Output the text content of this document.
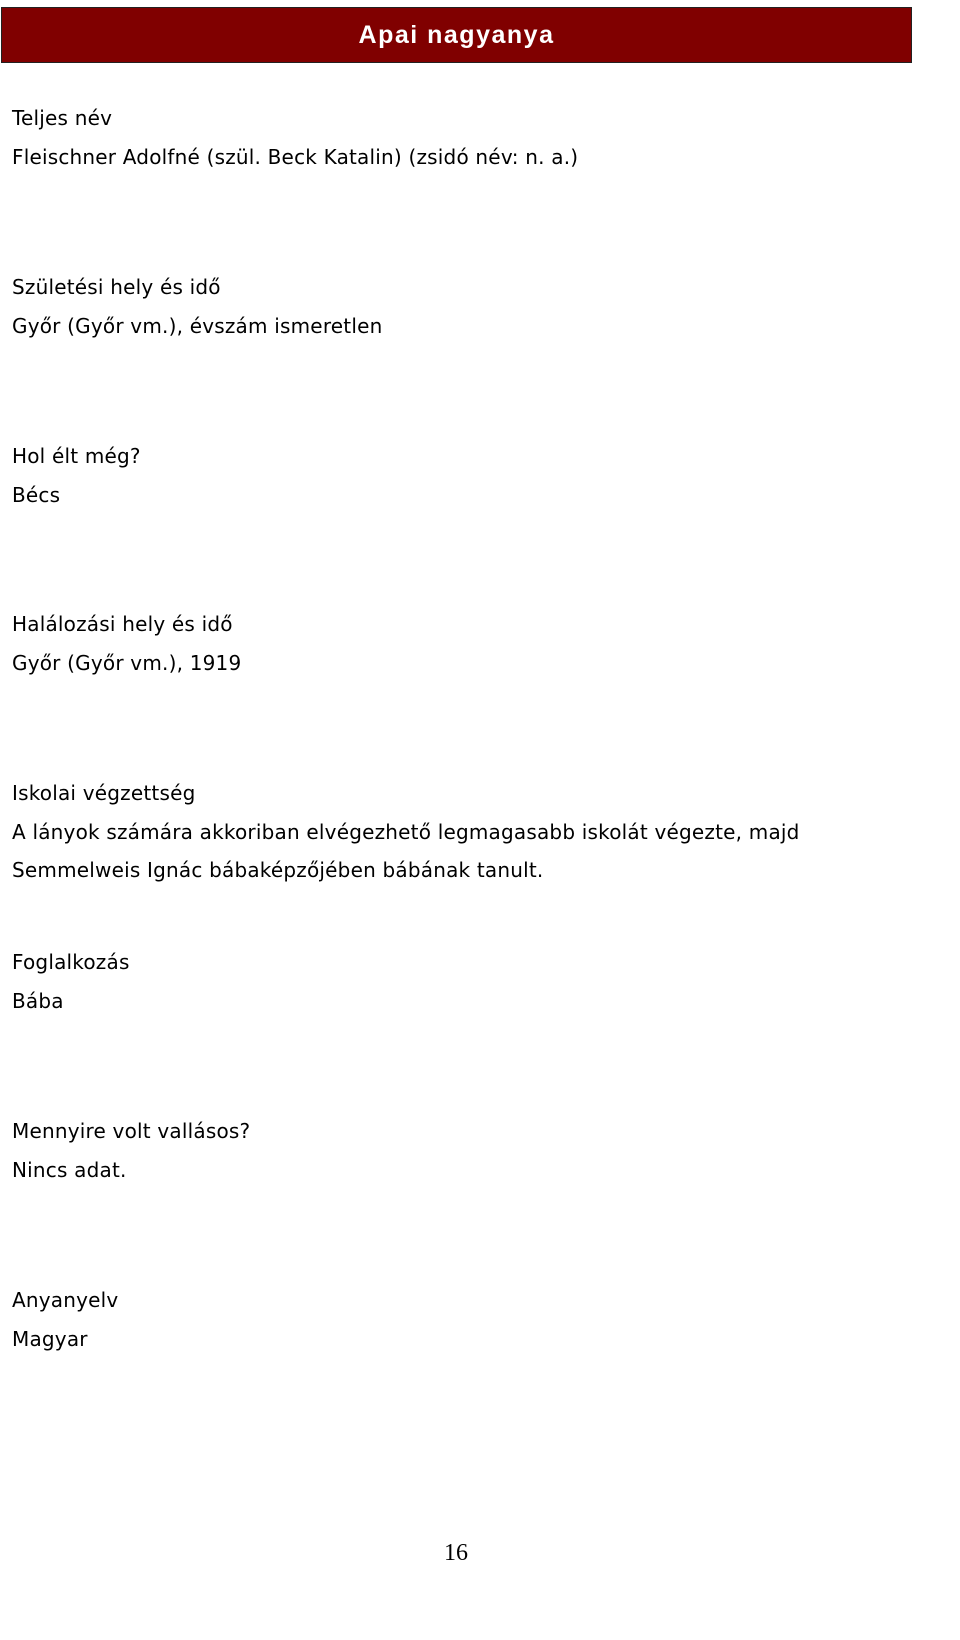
Apai nagyanya
Teljes név
Fleischner Adolfné (szül. Beck Katalin) (zsidó név: n. a.)
Születési hely és idő
Győr (Győr vm.), évszám ismeretlen
Hol élt még?
Bécs
Halálozási hely és idő
Győr (Győr vm.), 1919
Iskolai végzettség
A lányok számára akkoriban elvégezhető legmagasabb iskolát végezte, majd
Semmelweis Ignác bábaképzőjében bábának tanult.
Foglalkozás
Bába
Mennyire volt vallásos?
Nincs adat.
Anyanyelv
Magyar
16
